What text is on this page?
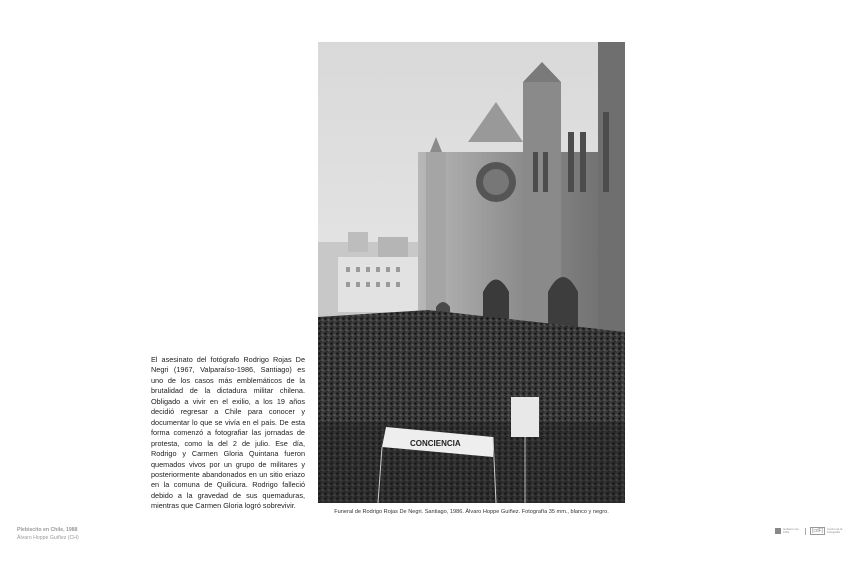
CONCIENCIA
Funeral de Rodrigo Rojas De Negri. Santiago, 1986. Álvaro Hoppe Guiñez. Fotografía 35 mm., blanco y negro.
El asesinato del fotógrafo Rodrigo Rojas De Negri (1967, Valparaíso-1986, Santiago) es uno de los casos más emblemáticos de la brutalidad de la dictadura militar chilena. Obligado a vivir en el exilio, a los 19 años decidió regresar a Chile para conocer y documentar lo que se vivía en el país. De esta forma comenzó a fotografiar las jornadas de protesta, como la del 2 de julio. Ese día, Rodrigo y Carmen Gloria Quintana fueron quemados vivos por un grupo de militares y posteriormente abandonados en un sitio eriazo en la comuna de Quilicura. Rodrigo falleció debido a la gravedad de sus quemaduras, mientras que Carmen Gloria logró sobrevivir.
Plebiscito en Chile, 1988
Álvaro Hoppe Guiñez (CH)
Gobierno de Chile	[cdF]	Centro de la Fotografía
